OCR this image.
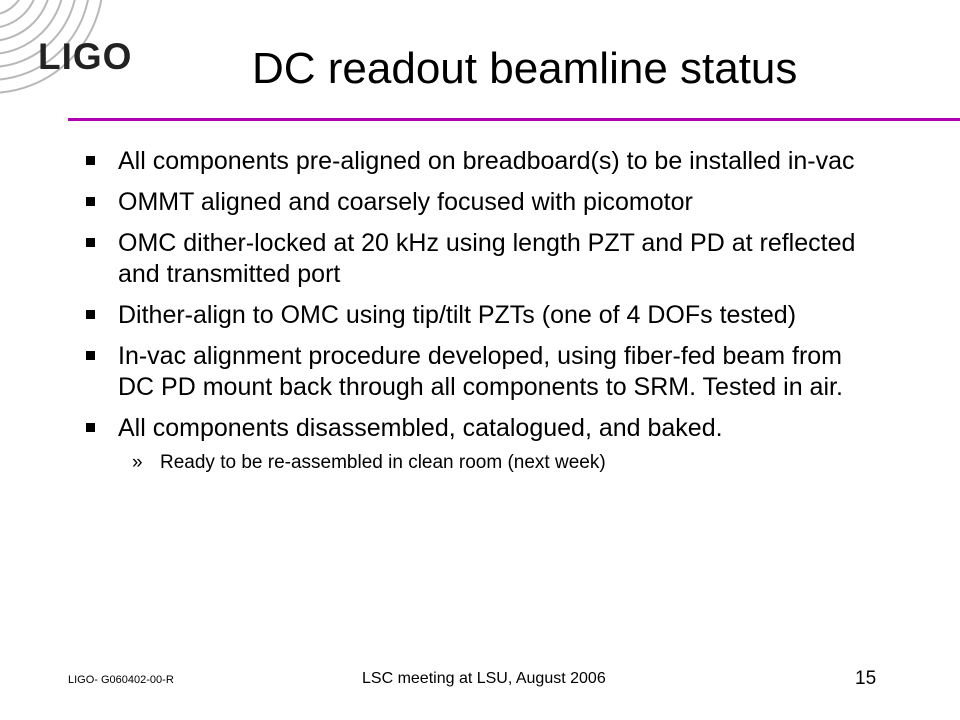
LIGO	DC readout beamline status
All components pre-aligned on breadboard(s) to be installed in-vac
OMMT aligned and coarsely focused with picomotor
OMC dither-locked at 20 kHz using length PZT and PD at reflected and transmitted port
Dither-align to OMC using tip/tilt PZTs (one of 4 DOFs tested)
In-vac alignment procedure developed, using fiber-fed beam from DC PD mount back through all components to SRM. Tested in air.
All components disassembled, catalogued, and baked.
» Ready to be re-assembled in clean room (next week)
LIGO- G060402-00-R	LSC meeting at LSU, August 2006	15
